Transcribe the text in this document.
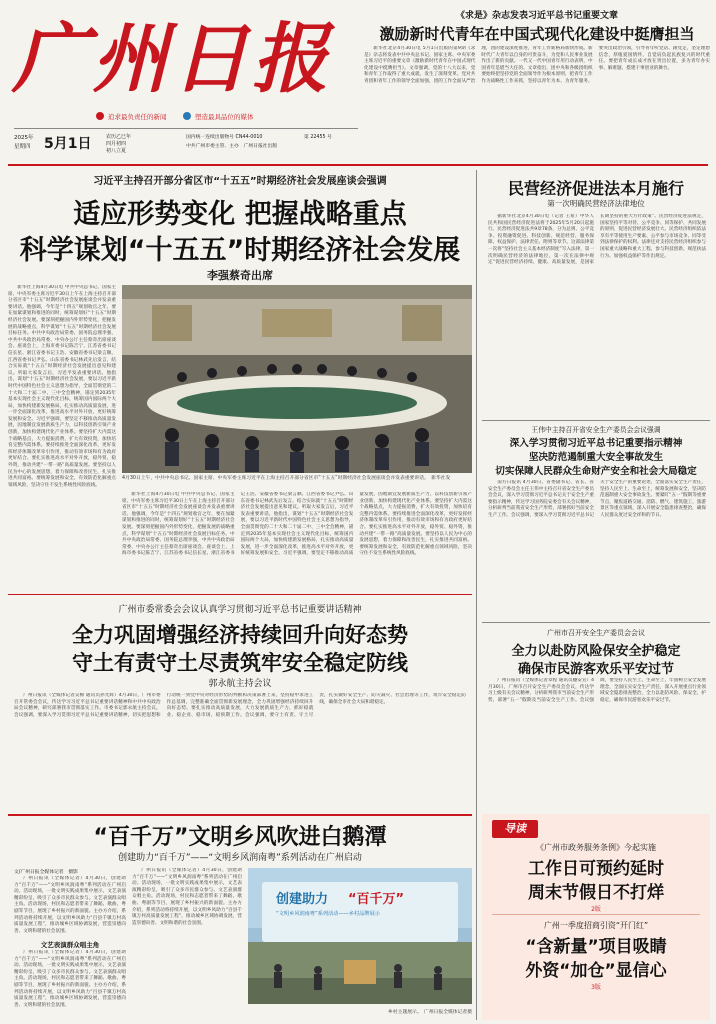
广州日报
追求最负责任的新闻	塑造最具品位的媒体
2025年
星期四 5月1日	农历乙巳年
四月初四
初八立夏
国内统一连续出版物号 CN44-0010	第 22455 号
中共广州市委主管、主办　广州日报社出版
《求是》杂志发表习近平总书记重要文章
激励新时代青年在中国式现代化建设中挺膺担当

新华社北京4月30日电 5月1日出版的第9期《求是》杂志将发表中共中央总书记、国家主席、中央军委主席习近平的重要文章《激励新时代青年在中国式现代化建设中挺膺担当》。文章强调，党的十八大以来，党和青年工作取得了重大成就，发生了深刻变革。党对共青团和青年工作的领导全面加强，团的工作全面从严治理，团的建设深度推进，青年工作新格局加快形成。新时代广大青年以自身的可贵奋斗，为党和人民事业发展作出了新的贡献。一代又一代中国青年用行动表明，中国青年是堪当大任的。文章指出，团中央和各级团组织要始终把坚持党的全面领导作为根本原则，把青年工作作为战略性工作来抓，坚持以青年为本、为青年服务。要突出政治引领，引导青年听党话、跟党走，坚定理想信念，厚植爱国情怀，自觉肩负起民族复兴的时代重任。要把青年成长成才放在突出位置，多为青年办实事、解难题，搭建干事创业的舞台。

习近平主持召开部分省区市“十五五”时期经济社会发展座谈会强调
适应形势变化 把握战略重点
科学谋划“十五五”时期经济社会发展
李强蔡奇出席

新华社上海4月30日电 中共中央总书记、国家主席、中央军委主席习近平30日上午在上海主持召开部分省区市“十五五”时期经济社会发展座谈会并发表重要讲话。他强调，今年是“十四五”规划收官之年，要在加紧谋划和推进的同时，统筹谋划好“十五五”时期经济社会发展。要深刻把握国内外形势变化，把握发展的战略重点，科学谋划“十五五”时期经济社会发展目标任务。中共中央政治局常委、国务院总理李强，中共中央政治局常委、中央办公厅主任蔡奇出席座谈会。座谈会上，上海市委书记陈吉宁、江苏省委书记信长星、浙江省委书记王浩、安徽省委书记梁言顺、江西省委书记尹弘、山东省委书记林武先后发言，结合实际就“十五五”时期经济社会发展提出意见和建议。听取大家发言后，习近平发表重要讲话。他指出，谋划“十五五”时期经济社会发展，要以习近平新时代中国特色社会主义思想为指导，全面贯彻党的二十大和二十届二中、三中全会精神，锚定到2035年基本实现社会主义现代化目标，统筹国内国际两个大局，加快构建新发展格局，扎实推动高质量发展，进一步全面深化改革，推进高水平对外开放，更好统筹发展和安全。习近平强调，要坚定不移推动高质量发展，因地制宜发展新质生产力，以科技创新引领产业创新，加快构建现代化产业体系。要坚持扩大内需这个战略基点，大力提振消费，扩大有效投资，加快培育完整内需体系。要持续推进全面深化改革，更好发挥经济体制改革牵引作用，推动有效市场和有为政府更好结合。要扎实推进高水平对外开放，稳外贸、稳外资，推动共建“一带一路”高质量发展。要坚持以人民为中心的发展思想，着力保障和改善民生，扎实推进共同富裕。要统筹发展和安全，有效防范化解重点领域风险，坚决守住不发生系统性风险底线。

4月30日上午，中共中央总书记、国家主席、中央军委主席习近平在上海主持召开部分省区市“十五五”时期经济社会发展座谈会并发表重要讲话。　新华社发

新华社上海4月30日电 中共中央总书记、国家主席、中央军委主席习近平30日上午在上海主持召开部分省区市“十五五”时期经济社会发展座谈会并发表重要讲话。他强调，今年是“十四五”规划收官之年，要在加紧谋划和推进的同时，统筹谋划好“十五五”时期经济社会发展。要深刻把握国内外形势变化，把握发展的战略重点，科学谋划“十五五”时期经济社会发展目标任务。中共中央政治局常委、国务院总理李强，中共中央政治局常委、中央办公厅主任蔡奇出席座谈会。座谈会上，上海市委书记陈吉宁、江苏省委书记信长星、浙江省委书记王浩、安徽省委书记梁言顺、江西省委书记尹弘、山东省委书记林武先后发言，结合实际就“十五五”时期经济社会发展提出意见和建议。听取大家发言后，习近平发表重要讲话。他指出，谋划“十五五”时期经济社会发展，要以习近平新时代中国特色社会主义思想为指导，全面贯彻党的二十大和二十届二中、三中全会精神，锚定到2035年基本实现社会主义现代化目标，统筹国内国际两个大局，加快构建新发展格局，扎实推动高质量发展，进一步全面深化改革，推进高水平对外开放，更好统筹发展和安全。习近平强调，要坚定不移推动高质量发展，因地制宜发展新质生产力，以科技创新引领产业创新，加快构建现代化产业体系。要坚持扩大内需这个战略基点，大力提振消费，扩大有效投资，加快培育完整内需体系。要持续推进全面深化改革，更好发挥经济体制改革牵引作用，推动有效市场和有为政府更好结合。要扎实推进高水平对外开放，稳外贸、稳外资，推动共建“一带一路”高质量发展。要坚持以人民为中心的发展思想，着力保障和改善民生，扎实推进共同富裕。要统筹发展和安全，有效防范化解重点领域风险，坚决守住不发生系统性风险底线。

民营经济促进法本月施行
第一次明确民营经济法律地位

据新华社北京4月30日电（记者 王希）中华人民共和国民营经济促进法将于2025年5月20日起施行。民营经济促进法共9章78条，分为总则、公平竞争、投资融资促进、科技创新、规范经营、服务保障、权益保护、法律责任、附则等章节。这部法律第一次将“坚持社会主义基本经济制度”写入法律，第一次明确民营经济的法律地位，第一次在法律中规定“促进民营经济持续、健康、高质量发展，是国家长期坚持的重大方针政策”。民营经济促进法规定，国家坚持平等对待、公平竞争、同等保护、共同发展的原则，促进民营经济发展壮大。民营经济组织依法享有平等使用生产要素、公平参与市场竞争、同等受到法律保护的权利。法律还对支持民营经济组织参与国家重大战略和重大工程、参与科技创新、规范执法行为、加强权益保护等作出规定。

王伟中主持召开省安全生产委员会会议强调
深入学习贯彻习近平总书记重要指示精神
坚决防范遏制重大安全事故发生
切实保障人民群众生命财产安全和社会大局稳定

南方日报讯 4月30日，省委副书记、省长、省安全生产委员会主任王伟中主持召开省安全生产委员会会议，深入学习贯彻习近平总书记关于安全生产重要指示精神，传达学习国务院安委会有关会议精神，分析研判当前我省安全生产形势，部署抓好当前安全生产工作。会议强调，要深入学习贯彻习近平总书记关于安全生产的重要论述，全面落实安全生产责任，坚持人民至上、生命至上，统筹发展和安全，坚决防范遏制重大安全事故发生。要紧盯“五一”假期等重要节点，聚焦道路交通、消防、燃气、建筑施工、旅游景区等重点领域，深入开展安全隐患排查整治，确保人民群众度过安全祥和的节日。

广州市委常委会会议认真学习贯彻习近平总书记重要讲话精神
全力巩固增强经济持续回升向好态势
守土有责守土尽责筑牢安全稳定防线
郭永航主持会议

广州日报讯（全媒体记者吴棉 通讯员孙光辉）4月30日，广州市委召开常委会会议，传达学习习近平总书记重要讲话精神和中共中央政治局会议精神，研究部署我市贯彻落实工作。市委书记郭永航主持会议。会议强调，要深入学习贯彻习近平总书记重要讲话精神，切实把思想和行动统一到党中央对经济形势的判断和决策部署上来，坚持稳中求进工作总基调，完整准确全面贯彻新发展理念，全力巩固增强经济持续回升向好态势。要扎实推动高质量发展，大力发展新质生产力，抓好稳就业、稳企业、稳市场、稳预期工作。会议强调，要守土有责、守土尽责，扎实做好安全生产、防灾减灾、社会治理等工作，筑牢安全稳定防线，确保全市社会大局和谐稳定。

广州市召开安全生产委员会会议
全力以赴防风险保安全护稳定
确保市民游客欢乐平安过节

广州日报讯（全媒体记者章程 通讯员穗安宣）4月30日，广州市召开安全生产委员会会议，传达学习上级有关会议精神，分析研判我市当前安全生产形势，部署“五一”假期及当前安全生产工作。会议强调，要坚持人民至上、生命至上，牢固树立安全发展理念，全面压实安全生产责任，深入开展重点行业领域安全隐患排查整治，全力以赴防风险、保安全、护稳定，确保市民游客欢乐平安过节。

“百千万”文明乡风吹进白鹅潭
创建助力“百千万”——“文明乡风润南粤”系列活动在广州启动
文/广州日报全媒体记者　摄影

广州日报讯（全媒体记者）4月30日，创建助力“百千万”——“文明乡风润南粤”系列活动在广州启动。活动现场，一批文明实践成果集中展示，文艺表演精彩纷呈，吸引了众多市民群众参与。文艺表演群众唱主角。活动现场，村民和志愿者带来了舞蹈、歌曲、粤剧等节目，展现了乡村振兴的新面貌。主办方介绍，系列活动将持续开展，以文明乡风助力“百县千镇万村高质量发展工程”，推动城乡区域协调发展，营造崇德向善、文明和谐的社会氛围。

文艺表演群众唱主角

广州日报讯（全媒体记者）4月30日，创建助力“百千万”——“文明乡风润南粤”系列活动在广州启动。活动现场，一批文明实践成果集中展示，文艺表演精彩纷呈，吸引了众多市民群众参与。文艺表演群众唱主角。活动现场，村民和志愿者带来了舞蹈、歌曲、粤剧等节目，展现了乡村振兴的新面貌。主办方介绍，系列活动将持续开展，以文明乡风助力“百县千镇万村高质量发展工程”，推动城乡区域协调发展，营造崇德向善、文明和谐的社会氛围。

广州日报讯（全媒体记者）4月30日，创建助力“百千万”——“文明乡风润南粤”系列活动在广州启动。活动现场，一批文明实践成果集中展示，文艺表演精彩纷呈，吸引了众多市民群众参与。文艺表演群众唱主角。活动现场，村民和志愿者带来了舞蹈、歌曲、粤剧等节目，展现了乡村振兴的新面貌。主办方介绍，系列活动将持续开展，以文明乡风助力“百县千镇万村高质量发展工程”，推动城乡区域协调发展，营造崇德向善、文明和谐的社会氛围。

创建助力 “百千万”
“文明乡风润南粤”系列活动——乡村品牌展示
乡村主题展示。　广州日报全媒体记者摄
导读
《广州市政务服务条例》今起实施
工作日可预约延时
周末节假日不打烊
2版
广州一季度招商引资“开门红”
“含新量”项目吸睛
外资“加仓”显信心
3版
